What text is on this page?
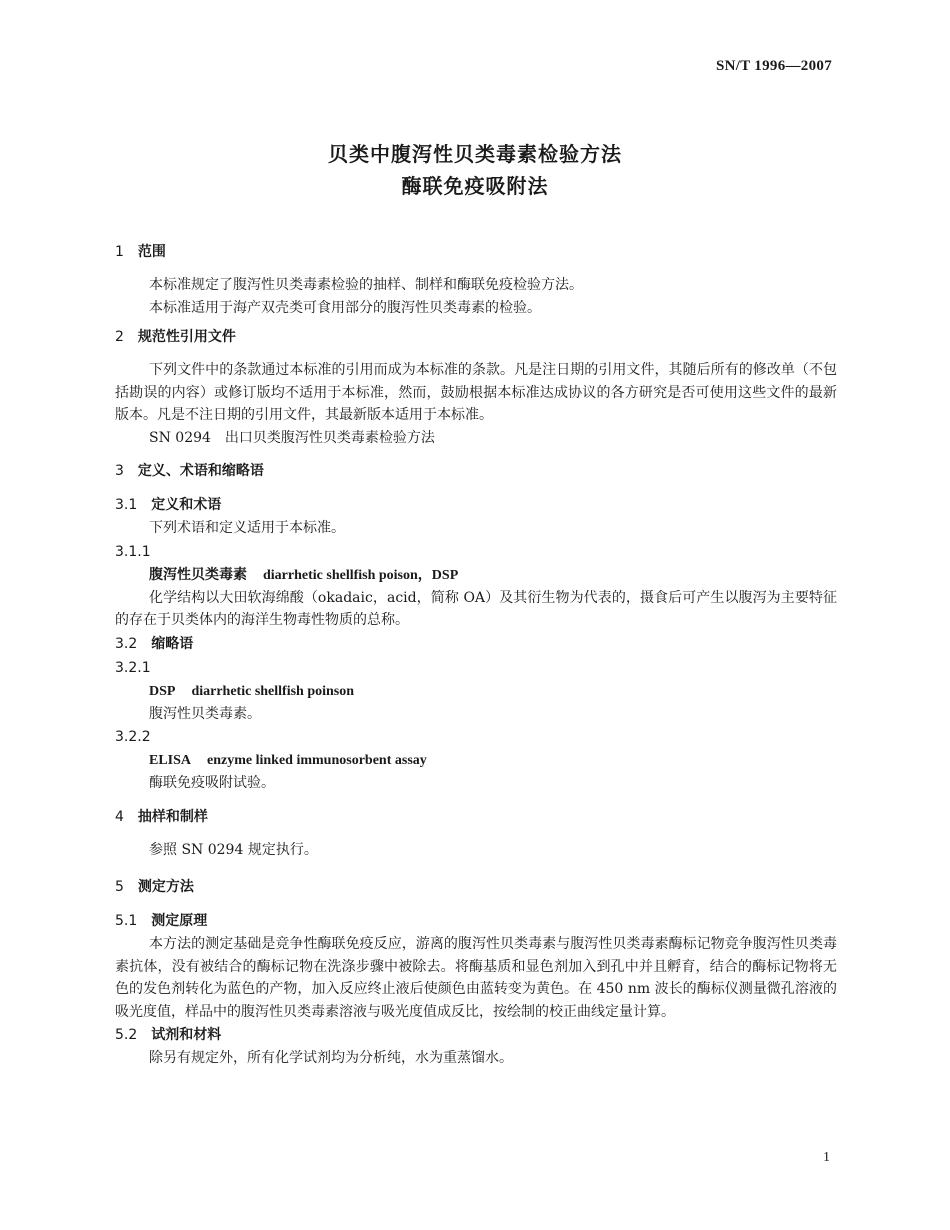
SN/T 1996—2007
贝类中腹泻性贝类毒素检验方法
酶联免疫吸附法
1 范围

本标准规定了腹泻性贝类毒素检验的抽样、制样和酶联免疫检验方法。

本标准适用于海产双壳类可食用部分的腹泻性贝类毒素的检验。

2 规范性引用文件

下列文件中的条款通过本标准的引用而成为本标准的条款。凡是注日期的引用文件，其随后所有的修改单（不包括勘误的内容）或修订版均不适用于本标准，然而，鼓励根据本标准达成协议的各方研究是否可使用这些文件的最新版本。凡是不注日期的引用文件，其最新版本适用于本标准。

SN 0294　出口贝类腹泻性贝类毒素检验方法

3 定义、术语和缩略语
3.1 定义和术语

下列术语和定义适用于本标准。

3.1.1

腹泻性贝类毒素 diarrhetic shellfish poison，DSP

化学结构以大田软海绵酸（okadaic，acid，简称 OA）及其衍生物为代表的，摄食后可产生以腹泻为主要特征的存在于贝类体内的海洋生物毒性物质的总称。

3.2 缩略语
3.2.1

DSP diarrhetic shellfish poinson

腹泻性贝类毒素。

3.2.2

ELISA enzyme linked immunosorbent assay

酶联免疫吸附试验。

4 抽样和制样

参照 SN 0294 规定执行。

5 测定方法
5.1 测定原理

本方法的测定基础是竞争性酶联免疫反应，游离的腹泻性贝类毒素与腹泻性贝类毒素酶标记物竞争腹泻性贝类毒素抗体，没有被结合的酶标记物在洗涤步骤中被除去。将酶基质和显色剂加入到孔中并且孵育，结合的酶标记物将无色的发色剂转化为蓝色的产物，加入反应终止液后使颜色由蓝转变为黄色。在 450 nm 波长的酶标仪测量微孔溶液的吸光度值，样品中的腹泻性贝类毒素溶液与吸光度值成反比，按绘制的校正曲线定量计算。

5.2 试剂和材料

除另有规定外，所有化学试剂均为分析纯，水为重蒸馏水。

1
